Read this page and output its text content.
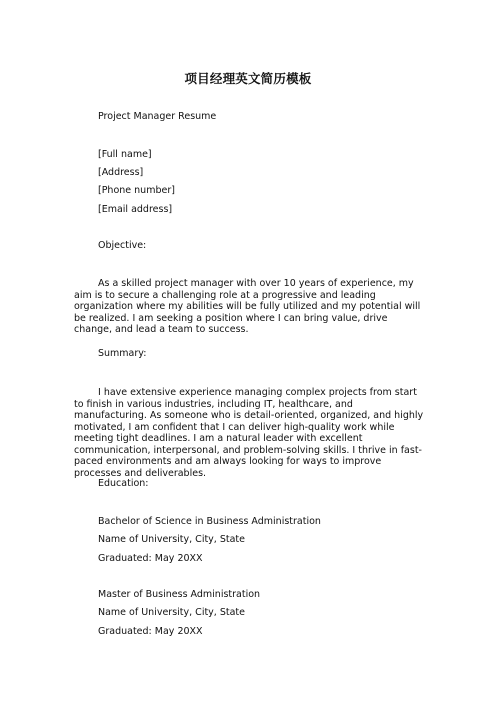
项目经理英文简历模板
Project Manager Resume
[Full name]
[Address]
[Phone number]
[Email address]
Objective:
As a skilled project manager with over 10 years of experience, my aim is to secure a challenging role at a progressive and leading organization where my abilities will be fully utilized and my potential will be realized. I am seeking a position where I can bring value, drive change, and lead a team to success.
Summary:
I have extensive experience managing complex projects from start to finish in various industries, including IT, healthcare, and manufacturing. As someone who is detail-oriented, organized, and highly motivated, I am confident that I can deliver high-quality work while meeting tight deadlines. I am a natural leader with excellent communication, interpersonal, and problem-solving skills. I thrive in fast-paced environments and am always looking for ways to improve processes and deliverables.
Education:
Bachelor of Science in Business Administration
Name of University, City, State
Graduated: May 20XX
Master of Business Administration
Name of University, City, State
Graduated: May 20XX
